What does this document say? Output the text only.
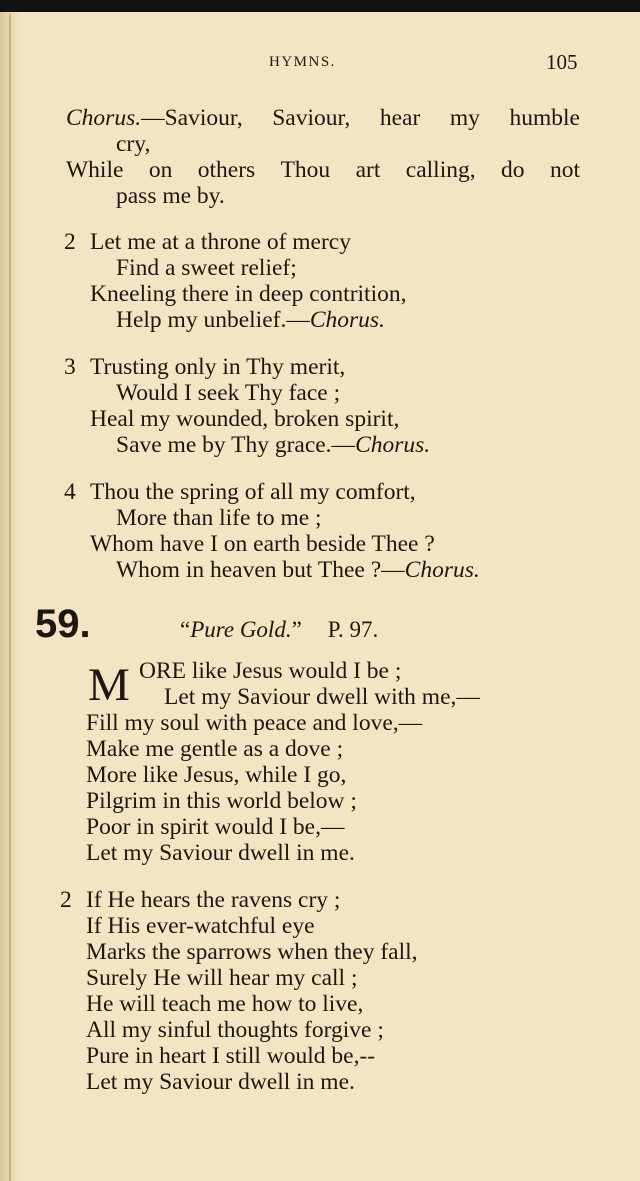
HYMNS.	105
Chorus.—Saviour, Saviour, hear my humble
cry,
While on others Thou art calling, do not
pass me by.
2 Let me at a throne of mercy
Find a sweet relief;
Kneeling there in deep contrition,
Help my unbelief.—Chorus.
3 Trusting only in Thy merit,
Would I seek Thy face ;
Heal my wounded, broken spirit,
Save me by Thy grace.—Chorus.
4 Thou the spring of all my comfort,
More than life to me ;
Whom have I on earth beside Thee ?
Whom in heaven but Thee ?—Chorus.
59.	“Pure Gold.” P. 97.
M ORE like Jesus would I be ;
Let my Saviour dwell with me,—
Fill my soul with peace and love,—
Make me gentle as a dove ;
More like Jesus, while I go,
Pilgrim in this world below ;
Poor in spirit would I be,—
Let my Saviour dwell in me.
2 If He hears the ravens cry ;
If His ever-watchful eye
Marks the sparrows when they fall,
Surely He will hear my call ;
He will teach me how to live,
All my sinful thoughts forgive ;
Pure in heart I still would be,--
Let my Saviour dwell in me.
